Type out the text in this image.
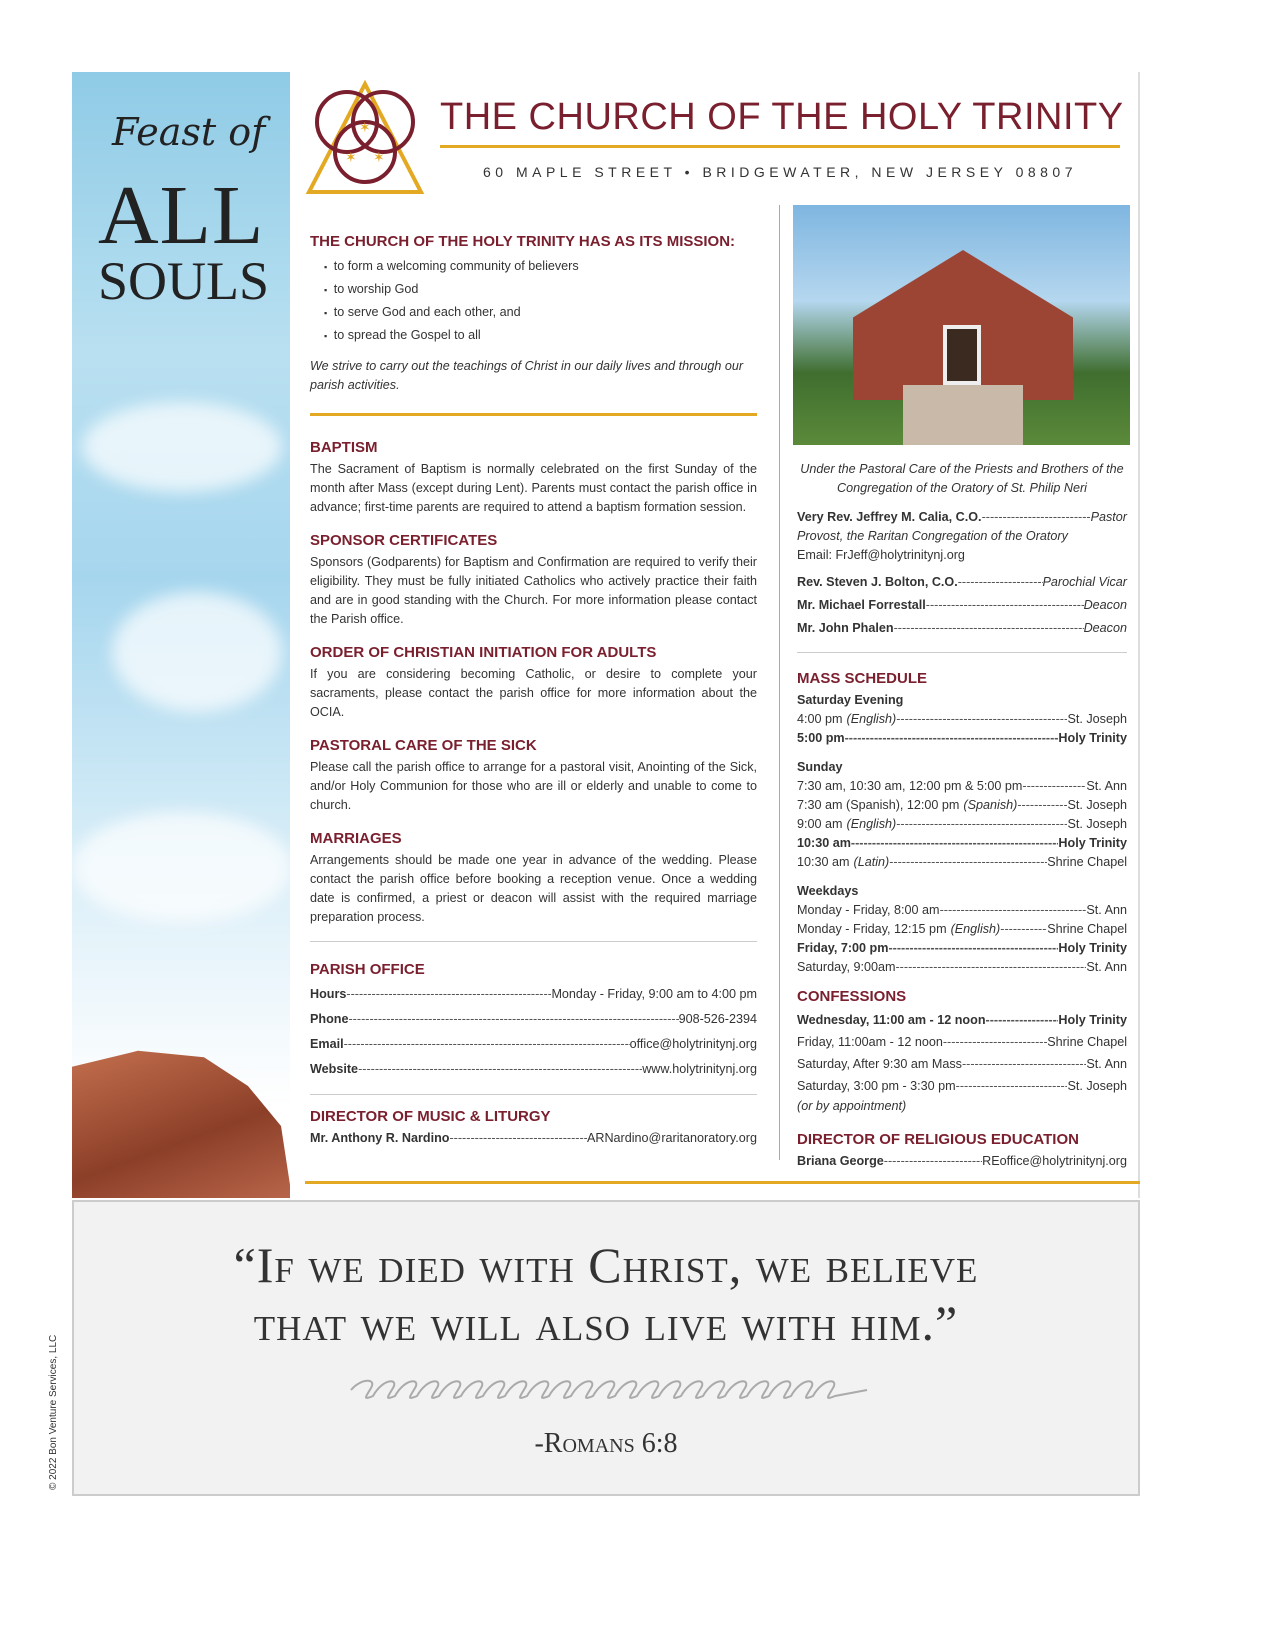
Feast of
ALL
SOULS
✶
✶ ✶
THE CHURCH OF THE HOLY TRINITY
60 MAPLE STREET • BRIDGEWATER, NEW JERSEY 08807
THE CHURCH OF THE HOLY TRINITY HAS AS ITS MISSION:
▪ to form a welcoming community of believers
▪ to worship God
▪ to serve God and each other, and
▪ to spread the Gospel to all

We strive to carry out the teachings of Christ in our daily lives and through our parish activities.

BAPTISM

The Sacrament of Baptism is normally celebrated on the first Sunday of the month after Mass (except during Lent). Parents must contact the parish office in advance; first-time parents are required to attend a baptism formation session.

SPONSOR CERTIFICATES

Sponsors (Godparents) for Baptism and Confirmation are required to verify their eligibility. They must be fully initiated Catholics who actively practice their faith and are in good standing with the Church. For more information please contact the Parish office.

ORDER OF CHRISTIAN INITIATION FOR ADULTS

If you are considering becoming Catholic, or desire to complete your sacraments, please contact the parish office for more information about the OCIA.

PASTORAL CARE OF THE SICK

Please call the parish office to arrange for a pastoral visit, Anointing of the Sick, and/or Holy Communion for those who are ill or elderly and unable to come to church.

MARRIAGES

Arrangements should be made one year in advance of the wedding. Please contact the parish office before booking a reception venue. Once a wedding date is confirmed, a priest or deacon will assist with the required marriage preparation process.

PARISH OFFICE
Hours -----	Monday - Friday, 9:00 am to 4:00 pm
Phone -----	908-526-2394
Email -----	office@holytrinitynj.org
Website -----	www.holytrinitynj.org
DIRECTOR OF MUSIC & LITURGY
Mr. Anthony R. Nardino -----	ARNardino@raritanoratory.org

Under the Pastoral Care of the Priests and Brothers of the Congregation of the Oratory of St. Philip Neri

Very Rev. Jeffrey M. Calia, C.O. -----	Pastor
Provost, the Raritan Congregation of the Oratory
Email: FrJeff@holytrinitynj.org
Rev. Steven J. Bolton, C.O. -----	Parochial Vicar
Mr. Michael Forrestall -----	Deacon
Mr. John Phalen -----	Deacon
MASS SCHEDULE
Saturday Evening
4:00 pm (English) -----	St. Joseph
5:00 pm -----	Holy Trinity
Sunday
7:30 am, 10:30 am, 12:00 pm & 5:00 pm -----	St. Ann
7:30 am (Spanish), 12:00 pm (Spanish) -----	St. Joseph
9:00 am (English) -----	St. Joseph
10:30 am -----	Holy Trinity
10:30 am (Latin) -----	Shrine Chapel
Weekdays
Monday - Friday, 8:00 am -----	St. Ann
Monday - Friday, 12:15 pm (English) -----	Shrine Chapel
Friday, 7:00 pm -----	Holy Trinity
Saturday, 9:00am -----	St. Ann
CONFESSIONS
Wednesday, 11:00 am - 12 noon -----	Holy Trinity
Friday, 11:00am - 12 noon -----	Shrine Chapel
Saturday, After 9:30 am Mass -----	St. Ann
Saturday, 3:00 pm - 3:30 pm -----	St. Joseph
(or by appointment)
DIRECTOR OF RELIGIOUS EDUCATION
Briana George -----	REoffice@holytrinitynj.org
“If we died with Christ, we believe
that we will also live with him.”
-Romans 6:8
© 2022 Bon Venture Services, LLC
